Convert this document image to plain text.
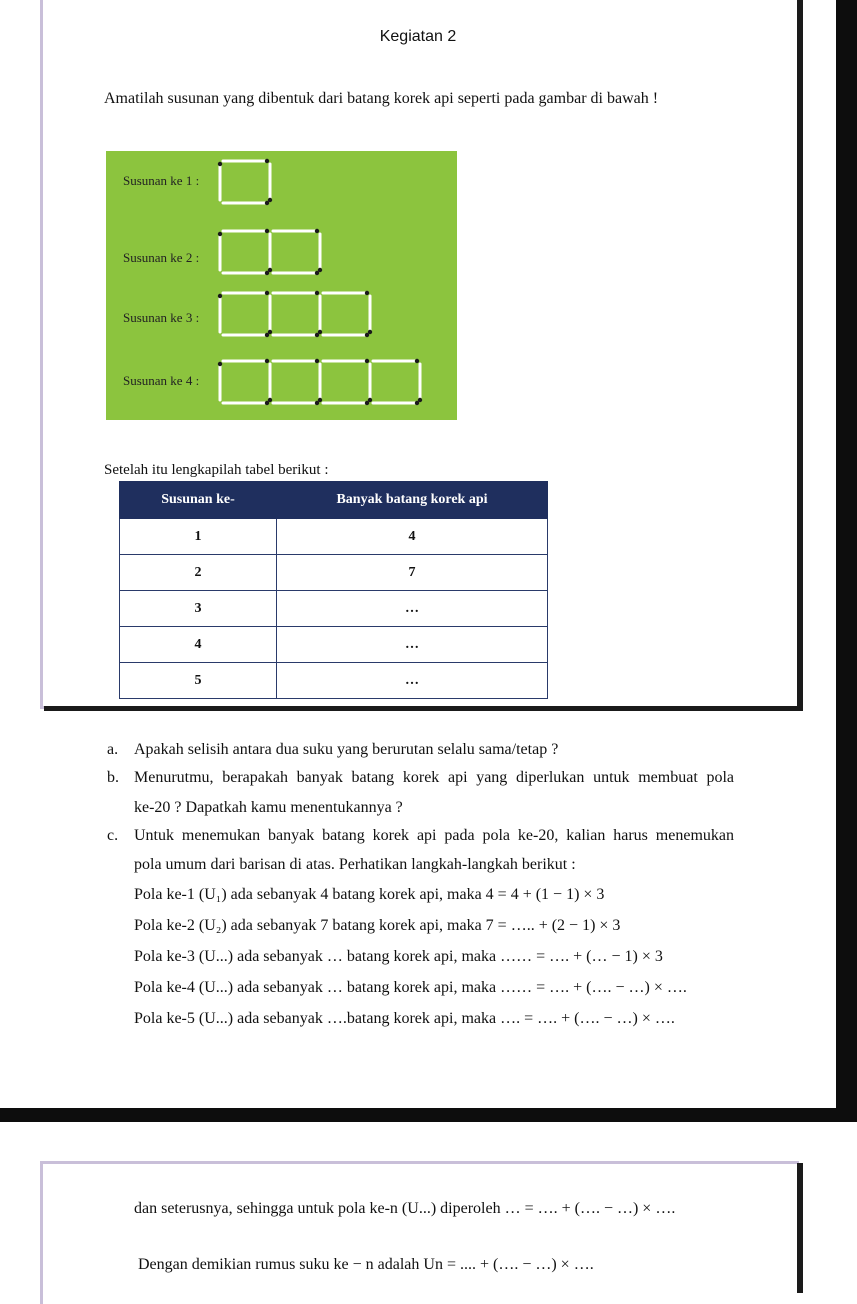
Kegiatan 2
Amatilah susunan yang dibentuk dari batang korek api seperti pada gambar di bawah !
Susunan ke 1 :
Susunan ke 2 :
Susunan ke 3 :
Susunan ke 4 :
Setelah itu lengkapilah tabel berikut :
Susunan ke-	Banyak batang korek api
1	4
2	7
3	…
4	…
5	…
a. Apakah selisih antara dua suku yang berurutan selalu sama/tetap ?
b. Menurutmu, berapakah banyak batang korek api yang diperlukan untuk membuat pola
ke-20 ? Dapatkah kamu menentukannya ?
c. Untuk menemukan banyak batang korek api pada pola ke-20, kalian harus menemukan
pola umum dari barisan di atas. Perhatikan langkah-langkah berikut :
Pola ke-1 (U₁) ada sebanyak 4 batang korek api, maka 4 = 4 + (1 − 1) × 3
Pola ke-2 (U₂) ada sebanyak 7 batang korek api, maka 7 = ….. + (2 − 1) × 3
Pola ke-3 (U...) ada sebanyak … batang korek api, maka …… = …. + (… − 1) × 3
Pola ke-4 (U...) ada sebanyak … batang korek api, maka …… = …. + (…. − …) × ….
Pola ke-5 (U...) ada sebanyak ….batang korek api, maka …. = …. + (…. − …) × ….
dan seterusnya, sehingga untuk pola ke-n (U...) diperoleh … = …. + (…. − …) × ….
Dengan demikian rumus suku ke − n adalah Un = .... + (…. − …) × ….
